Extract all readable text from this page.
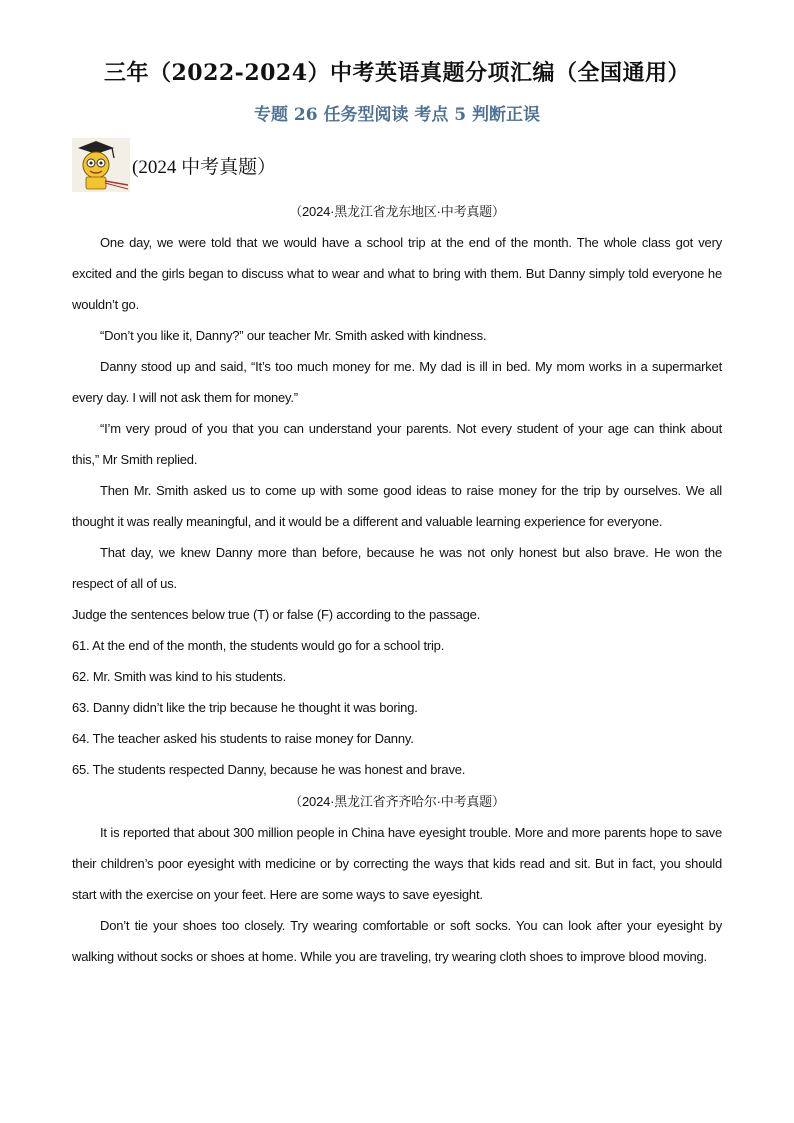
三年（2022-2024）中考英语真题分项汇编（全国通用）
专题 26 任务型阅读 考点 5 判断正误
(2024 中考真题）

（2024·黑龙江省龙东地区·中考真题）

One day, we were told that we would have a school trip at the end of the month. The whole class got very excited and the girls began to discuss what to wear and what to bring with them. But Danny simply told everyone he wouldn’t go.

“Don’t you like it, Danny?” our teacher Mr. Smith asked with kindness.

Danny stood up and said, “It’s too much money for me. My dad is ill in bed. My mom works in a supermarket every day. I will not ask them for money.”

“I’m very proud of you that you can understand your parents. Not every student of your age can think about this,” Mr Smith replied.

Then Mr. Smith asked us to come up with some good ideas to raise money for the trip by ourselves. We all thought it was really meaningful, and it would be a different and valuable learning experience for everyone.

That day, we knew Danny more than before, because he was not only honest but also brave. He won the respect of all of us.

Judge the sentences below true (T) or false (F) according to the passage.

61. At the end of the month, the students would go for a school trip.

62. Mr. Smith was kind to his students.

63. Danny didn’t like the trip because he thought it was boring.

64. The teacher asked his students to raise money for Danny.

65. The students respected Danny, because he was honest and brave.

（2024·黑龙江省齐齐哈尔·中考真题）

It is reported that about 300 million people in China have eyesight trouble. More and more parents hope to save their children’s poor eyesight with medicine or by correcting the ways that kids read and sit. But in fact, you should start with the exercise on your feet. Here are some ways to save eyesight.

Don’t tie your shoes too closely. Try wearing comfortable or soft socks. You can look after your eyesight by walking without socks or shoes at home. While you are traveling, try wearing cloth shoes to improve blood moving.
